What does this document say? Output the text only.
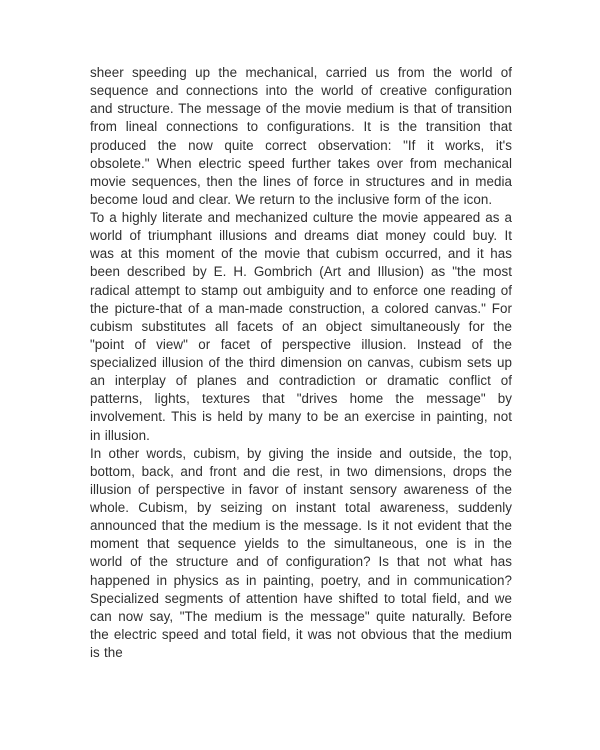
sheer speeding up the mechanical, carried us from the world of
sequence and connections into the world of creative configuration
and structure. The message of the movie medium is that of transition
from lineal connections to configurations. It is the transition that
produced the now quite correct observation: "If it works, it's
obsolete." When electric speed further takes over from mechanical
movie sequences, then the lines of force in structures and in media
become loud and clear. We return to the inclusive form of the icon.
To a highly literate and mechanized culture the movie appeared as a
world of triumphant illusions and dreams diat money could buy. It
was at this moment of the movie that cubism occurred, and it has
been described by E. H. Gombrich (Art and Illusion) as "the most
radical attempt to stamp out ambiguity and to enforce one reading of
the picture-that of a man-made construction, a colored canvas." For
cubism substitutes all facets of an object simultaneously for the
"point of view" or facet of perspective illusion. Instead of the
specialized illusion of the third dimension on canvas, cubism sets up
an interplay of planes and contradiction or dramatic conflict of
patterns, lights, textures that "drives home the message" by
involvement. This is held by many to be an exercise in painting, not
in illusion.
In other words, cubism, by giving the inside and outside, the top,
bottom, back, and front and die rest, in two dimensions, drops the
illusion of perspective in favor of instant sensory awareness of the
whole. Cubism, by seizing on instant total awareness, suddenly
announced that the medium is the message. Is it not evident that the
moment that sequence yields to the simultaneous, one is in the
world of the structure and of configuration? Is that not what has
happened in physics as in painting, poetry, and in communication?
Specialized segments of attention have shifted to total field, and we
can now say, "The medium is the message" quite naturally. Before
the electric speed and total field, it was not obvious that the medium
is the
